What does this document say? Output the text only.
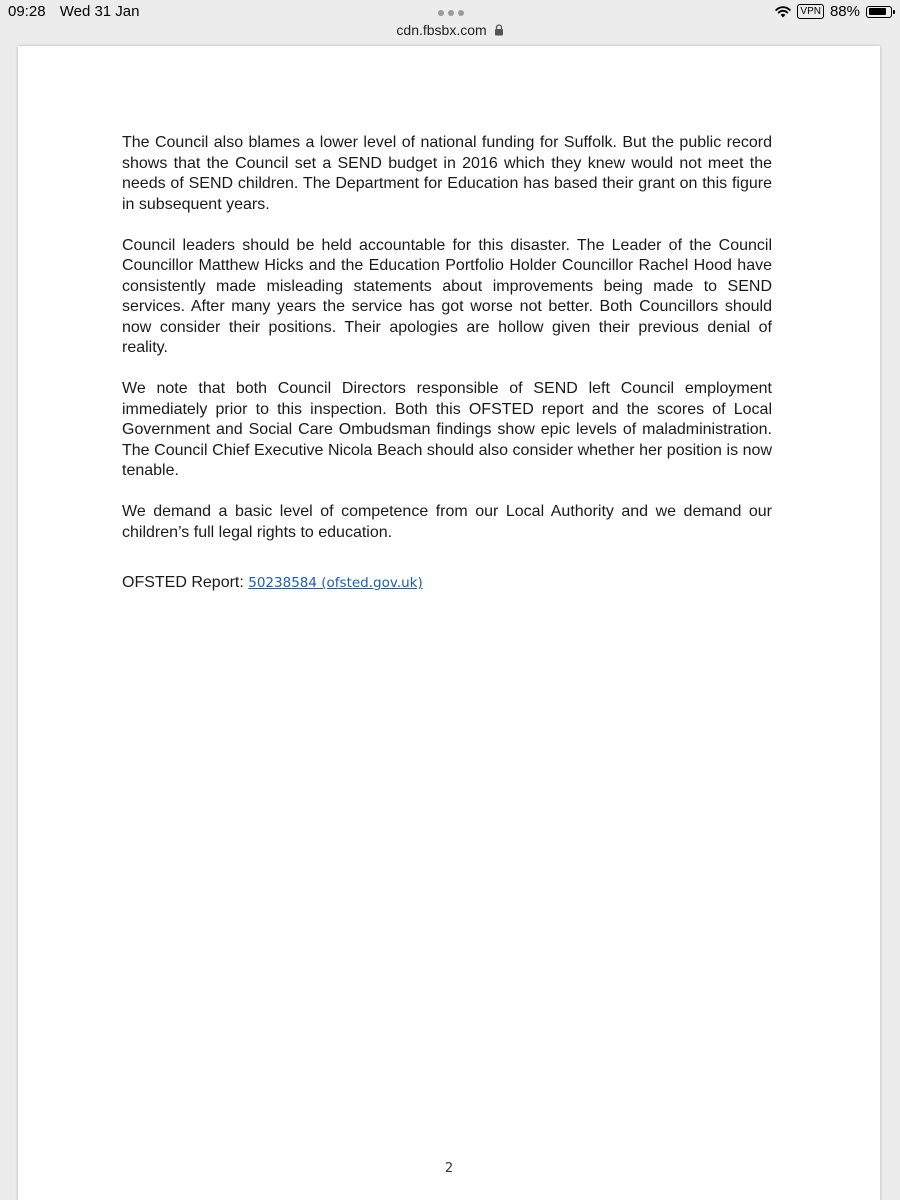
09:28 Wed 31 Jan	VPN 88%
cdn.fbsbx.com

The Council also blames a lower level of national funding for Suffolk. But the public record shows that the Council set a SEND budget in 2016 which they knew would not meet the needs of SEND children. The Department for Education has based their grant on this figure in subsequent years.

Council leaders should be held accountable for this disaster. The Leader of the Council Councillor Matthew Hicks and the Education Portfolio Holder Councillor Rachel Hood have consistently made misleading statements about improvements being made to SEND services. After many years the service has got worse not better. Both Councillors should now consider their positions. Their apologies are hollow given their previous denial of reality.

We note that both Council Directors responsible of SEND left Council employment immediately prior to this inspection. Both this OFSTED report and the scores of Local Government and Social Care Ombudsman findings show epic levels of maladministration. The Council Chief Executive Nicola Beach should also consider whether her position is now tenable.

We demand a basic level of competence from our Local Authority and we demand our children’s full legal rights to education.

OFSTED Report: 50238584 (ofsted.gov.uk)

2
